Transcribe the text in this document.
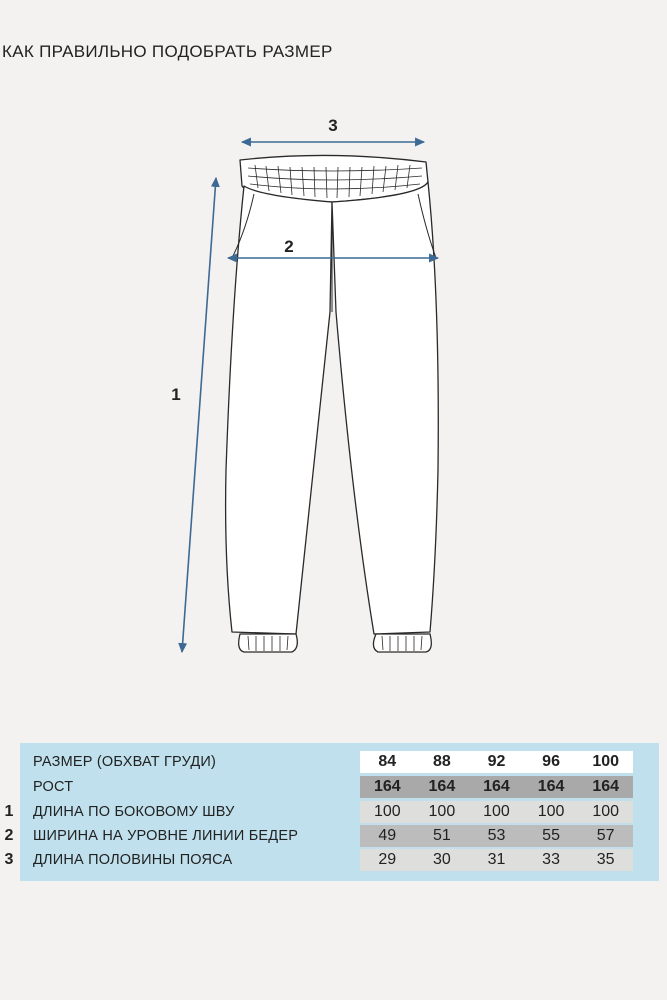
КАК ПРАВИЛЬНО ПОДОБРАТЬ РАЗМЕР
3
2
1
РАЗМЕР (ОБХВАТ ГРУДИ)	84	88	92	96	100
РОСТ	164	164	164	164	164
1	ДЛИНА ПО БОКОВОМУ ШВУ	100	100	100	100	100
2	ШИРИНА НА УРОВНЕ ЛИНИИ БЕДЕР	49	51	53	55	57
3	ДЛИНА ПОЛОВИНЫ ПОЯСА	29	30	31	33	35
